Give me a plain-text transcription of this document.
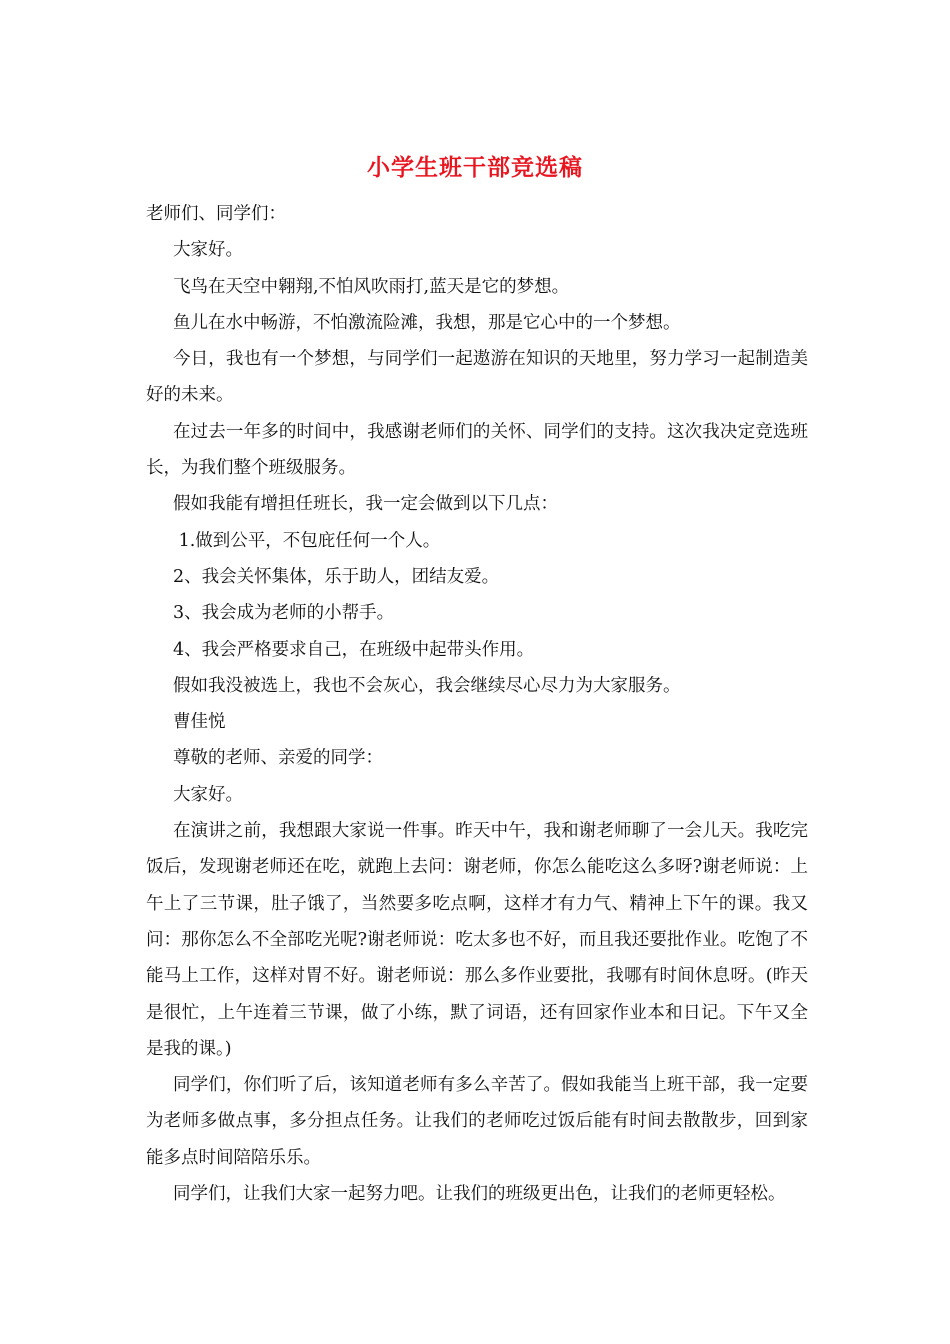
小学生班干部竞选稿

老师们、同学们：

大家好。

飞鸟在天空中翱翔,不怕风吹雨打,蓝天是它的梦想。

鱼儿在水中畅游，不怕激流险滩，我想，那是它心中的一个梦想。

今日，我也有一个梦想，与同学们一起遨游在知识的天地里，努力学习一起制造美好的未来。

在过去一年多的时间中，我感谢老师们的关怀、同学们的支持。这次我决定竞选班长，为我们整个班级服务。

假如我能有增担任班长，我一定会做到以下几点：

1.做到公平，不包庇任何一个人。

2、我会关怀集体，乐于助人，团结友爱。

3、我会成为老师的小帮手。

4、我会严格要求自己，在班级中起带头作用。

假如我没被选上，我也不会灰心，我会继续尽心尽力为大家服务。

曹佳悦

尊敬的老师、亲爱的同学：

大家好。

在演讲之前，我想跟大家说一件事。昨天中午，我和谢老师聊了一会儿天。我吃完饭后，发现谢老师还在吃，就跑上去问：谢老师，你怎么能吃这么多呀?谢老师说：上午上了三节课，肚子饿了，当然要多吃点啊，这样才有力气、精神上下午的课。我又问：那你怎么不全部吃光呢?谢老师说：吃太多也不好，而且我还要批作业。吃饱了不能马上工作，这样对胃不好。谢老师说：那么多作业要批，我哪有时间休息呀。(昨天是很忙，上午连着三节课，做了小练，默了词语，还有回家作业本和日记。下午又全是我的课。)

同学们，你们听了后，该知道老师有多么辛苦了。假如我能当上班干部，我一定要为老师多做点事，多分担点任务。让我们的老师吃过饭后能有时间去散散步，回到家能多点时间陪陪乐乐。

同学们，让我们大家一起努力吧。让我们的班级更出色，让我们的老师更轻松。
